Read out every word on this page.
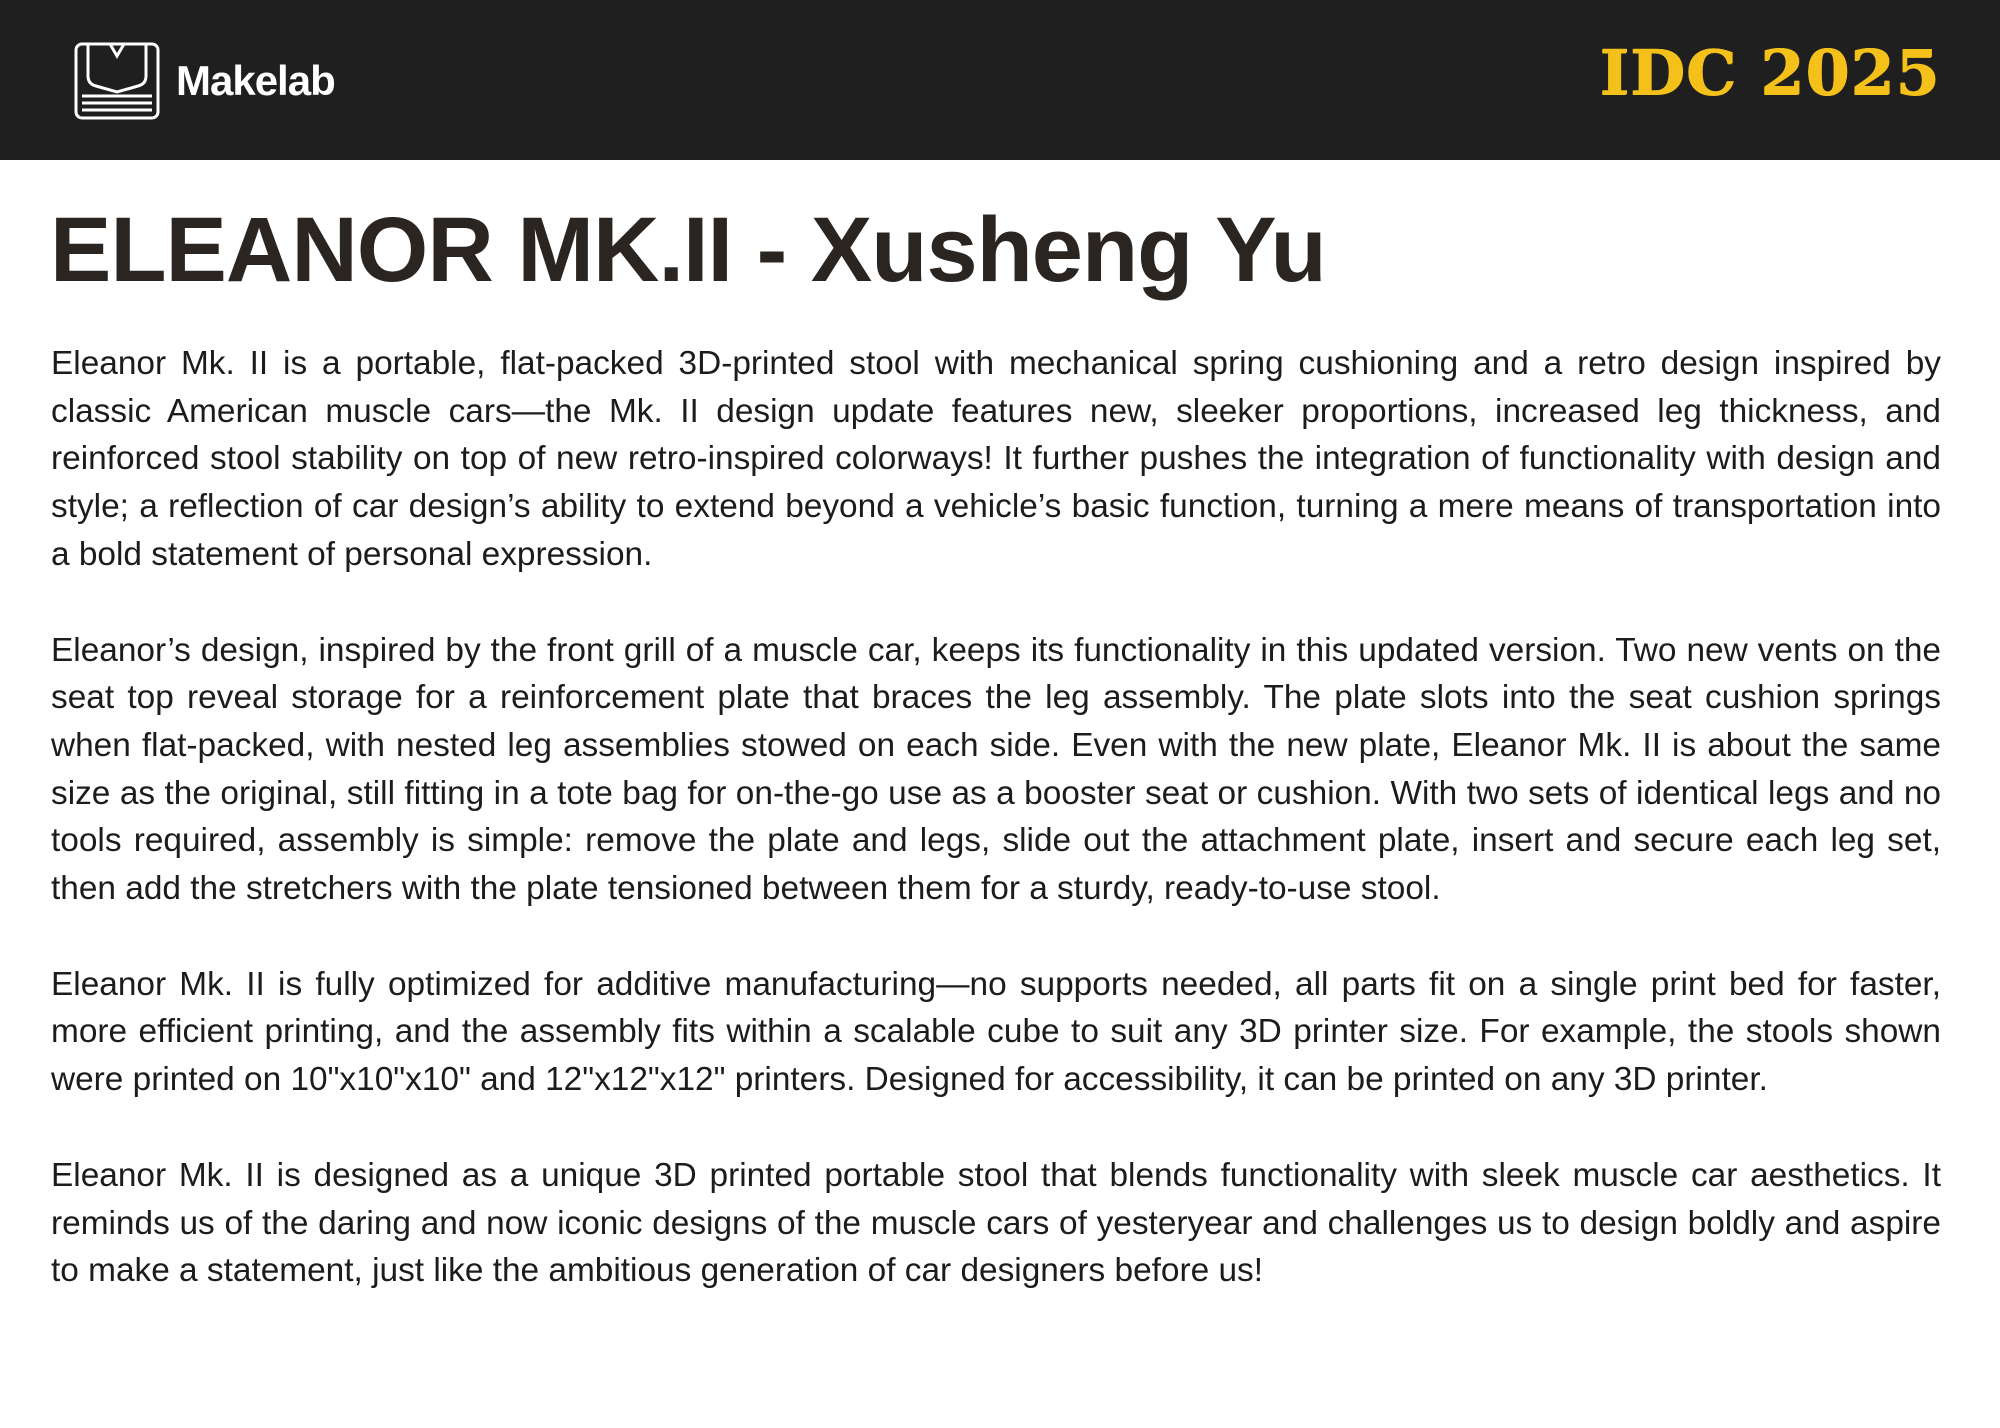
Makelab	IDC 2025
ELEANOR MK.II - Xusheng Yu

Eleanor Mk. II is a portable, flat-packed 3D-printed stool with mechanical spring cushioning and a retro design inspired by classic American muscle cars—the Mk. II design update features new, sleeker proportions, increased leg thickness, and reinforced stool stability on top of new retro-inspired colorways! It further pushes the integration of functionality with design and style; a reflection of car design’s ability to extend beyond a vehicle’s basic function, turning a mere means of transportation into a bold statement of personal expression.

Eleanor’s design, inspired by the front grill of a muscle car, keeps its functionality in this updated version. Two new vents on the seat top reveal storage for a reinforcement plate that braces the leg assembly. The plate slots into the seat cushion springs when flat-packed, with nested leg assemblies stowed on each side. Even with the new plate, Eleanor Mk. II is about the same size as the original, still fitting in a tote bag for on-the-go use as a booster seat or cushion. With two sets of identical legs and no tools required, assembly is simple: remove the plate and legs, slide out the attachment plate, insert and secure each leg set, then add the stretchers with the plate tensioned between them for a sturdy, ready-to-use stool.

Eleanor Mk. II is fully optimized for additive manufacturing—no supports needed, all parts fit on a single print bed for faster, more efficient printing, and the assembly fits within a scalable cube to suit any 3D printer size. For example, the stools shown were printed on 10"x10"x10" and 12"x12"x12" printers. Designed for accessibility, it can be printed on any 3D printer.

Eleanor Mk. II is designed as a unique 3D printed portable stool that blends functionality with sleek muscle car aesthetics. It reminds us of the daring and now iconic designs of the muscle cars of yesteryear and challenges us to design boldly and aspire to make a statement, just like the ambitious generation of car designers before us!
